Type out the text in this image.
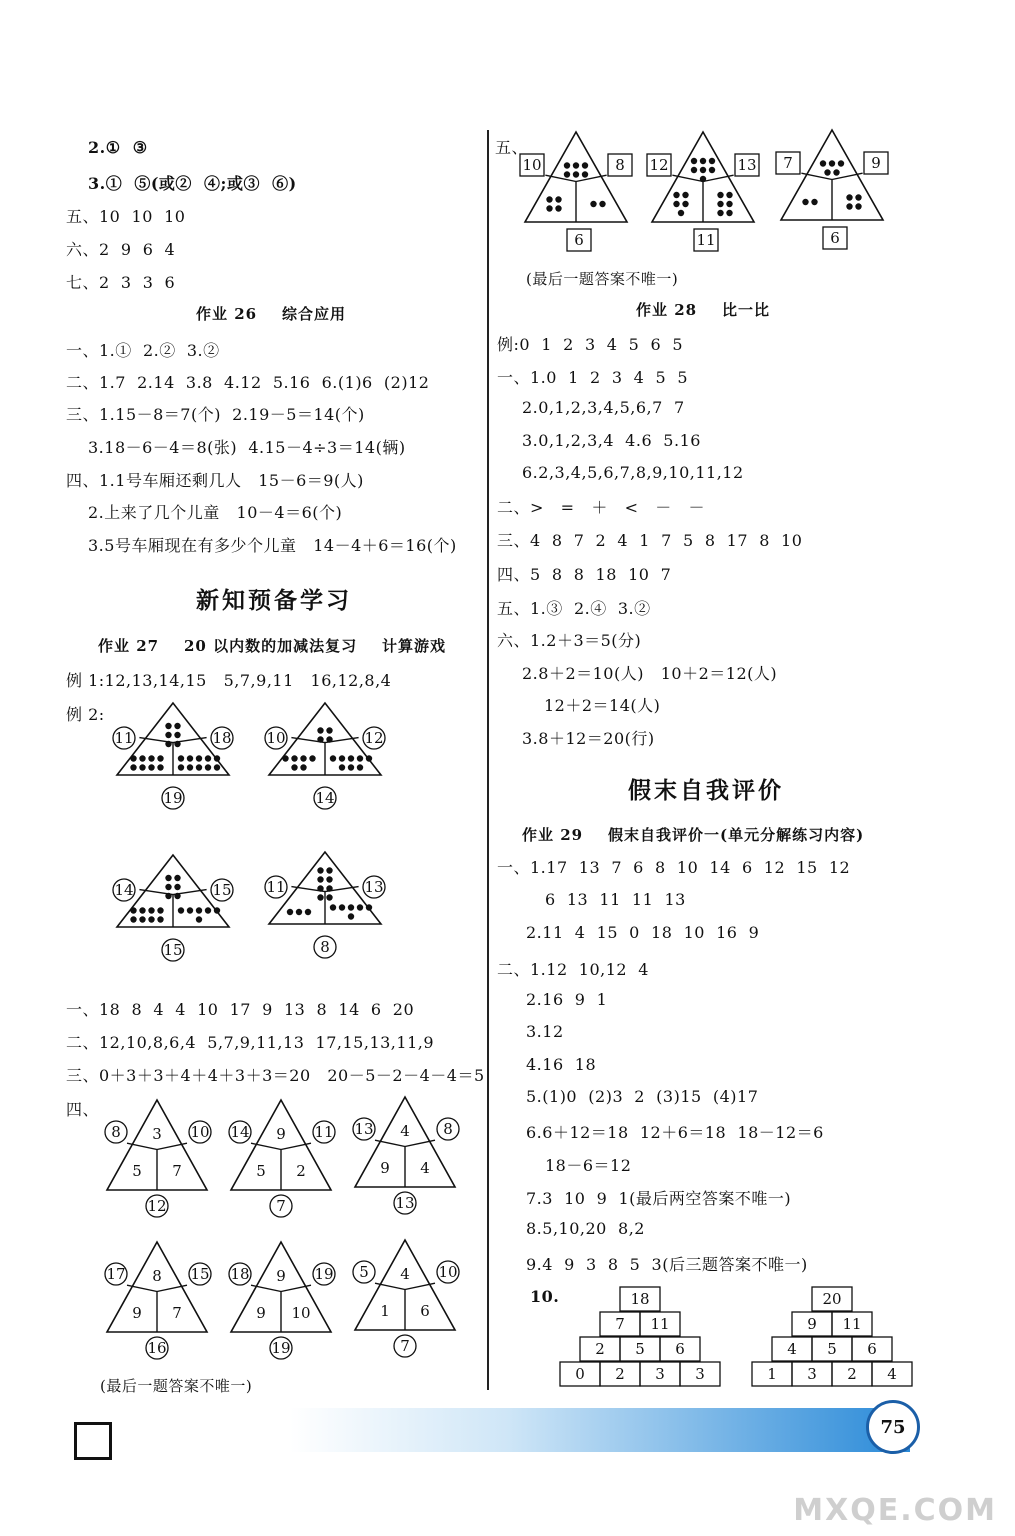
2.①  ③
3.①  ⑤(或②  ④;或③  ⑥)
五、10  10  10
六、2  9  6  4
七、2  3  3  6
作业 26    综合应用
一、1.①  2.②  3.②
二、1.7  2.14  3.8  4.12  5.16  6.(1)6  (2)12
三、1.15－8＝7(个)  2.19－5＝14(个)
3.18－6－4＝8(张)  4.15－4÷3＝14(辆)
四、1.1号车厢还剩几人   15－6＝9(人)
2.上来了几个儿童   10－4＝6(个)
3.5号车厢现在有多少个儿童   14－4＋6＝16(个)
新知预备学习
作业 27    20 以内数的加减法复习    计算游戏
例 1:12,13,14,15   5,7,9,11   16,12,8,4
例 2:
11	18
19
10	12
14
14	15
15
11	13
8
3
5 7
8	10
12
9
5 2
14	11
7
4
9 4
13	8
13
8
9 7
17	15
16
9
9 10
18	19
19
4
1 6
5	10
7
10	8
6
12	13
11
7	9
6
18
7 11
2 5 6
0 2 3 3
20
9 11
4 5 6
1 3 2 4
一、18  8  4  4  10  17  9  13  8  14  6  20
二、12,10,8,6,4  5,7,9,11,13  17,15,13,11,9
三、0＋3＋3＋4＋4＋3＋3＝20   20－5－2－4－4＝5
四、
(最后一题答案不唯一)
五、
(最后一题答案不唯一)
作业 28    比一比
例:0  1  2  3  4  5  6  5
一、1.0  1  2  3  4  5  5
2.0,1,2,3,4,5,6,7  7
3.0,1,2,3,4  4.6  5.16
6.2,3,4,5,6,7,8,9,10,11,12
二、>   =   ＋   <   －   －
三、4  8  7  2  4  1  7  5  8  17  8  10
四、5  8  8  18  10  7
五、1.③  2.④  3.②
六、1.2＋3＝5(分)
2.8＋2＝10(人)   10＋2＝12(人)
12＋2＝14(人)
3.8＋12＝20(行)
假末自我评价
作业 29    假末自我评价一(单元分解练习内容)
一、1.17  13  7  6  8  10  14  6  12  15  12
6  13  11  11  13
2.11  4  15  0  18  10  16  9
二、1.12  10,12  4
2.16  9  1
3.12
4.16  18
5.(1)0  (2)3  2  (3)15  (4)17
6.6＋12＝18  12＋6＝18  18－12＝6
18－6＝12
7.3  10  9  1(最后两空答案不唯一)
8.5,10,20  8,2
9.4  9  3  8  5  3(后三题答案不唯一)
10.
75
MXQE.COM
